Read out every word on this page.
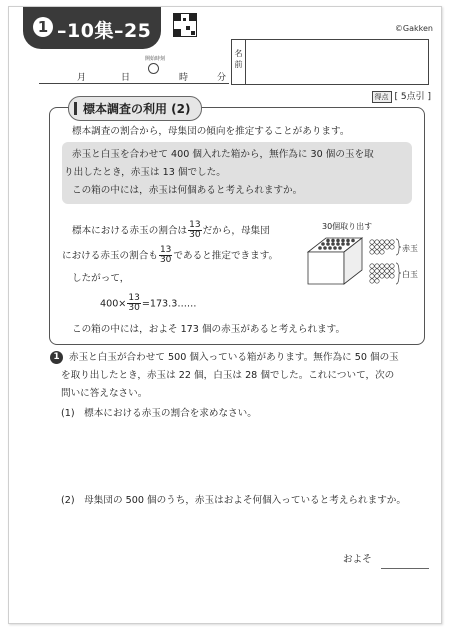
1 –10集–25	©Gakken
月	日	時	分
開始時刻
名前
得点 [ 5点引 ]
標本調査の利用 (2)
標本調査の割合から，母集団の傾向を推定することがあります。
赤玉と白玉を合わせて 400 個入れた箱から，無作為に 30 個の玉を取
り出したとき，赤玉は 13 個でした。
この箱の中には，赤玉は何個あると考えられますか。
標本における赤玉の割合は $\frac{13}{30}$ だから，母集団
における赤玉の割合も $\frac{13}{30}$ であると推定できます。
したがって，
$400\times \frac{13}{30}$ =173.3……
この箱の中には，およそ 173 個の赤玉があると考えられます。
30個取り出す
赤玉
白玉
1 赤玉と白玉が合わせて 500 個入っている箱があります。無作為に 50 個の玉
を取り出したとき，赤玉は 22 個，白玉は 28 個でした。これについて，次の
問いに答えなさい。
(1)　標本における赤玉の割合を求めなさい。
(2)　母集団の 500 個のうち，赤玉はおよそ何個入っていると考えられますか。
およそ
